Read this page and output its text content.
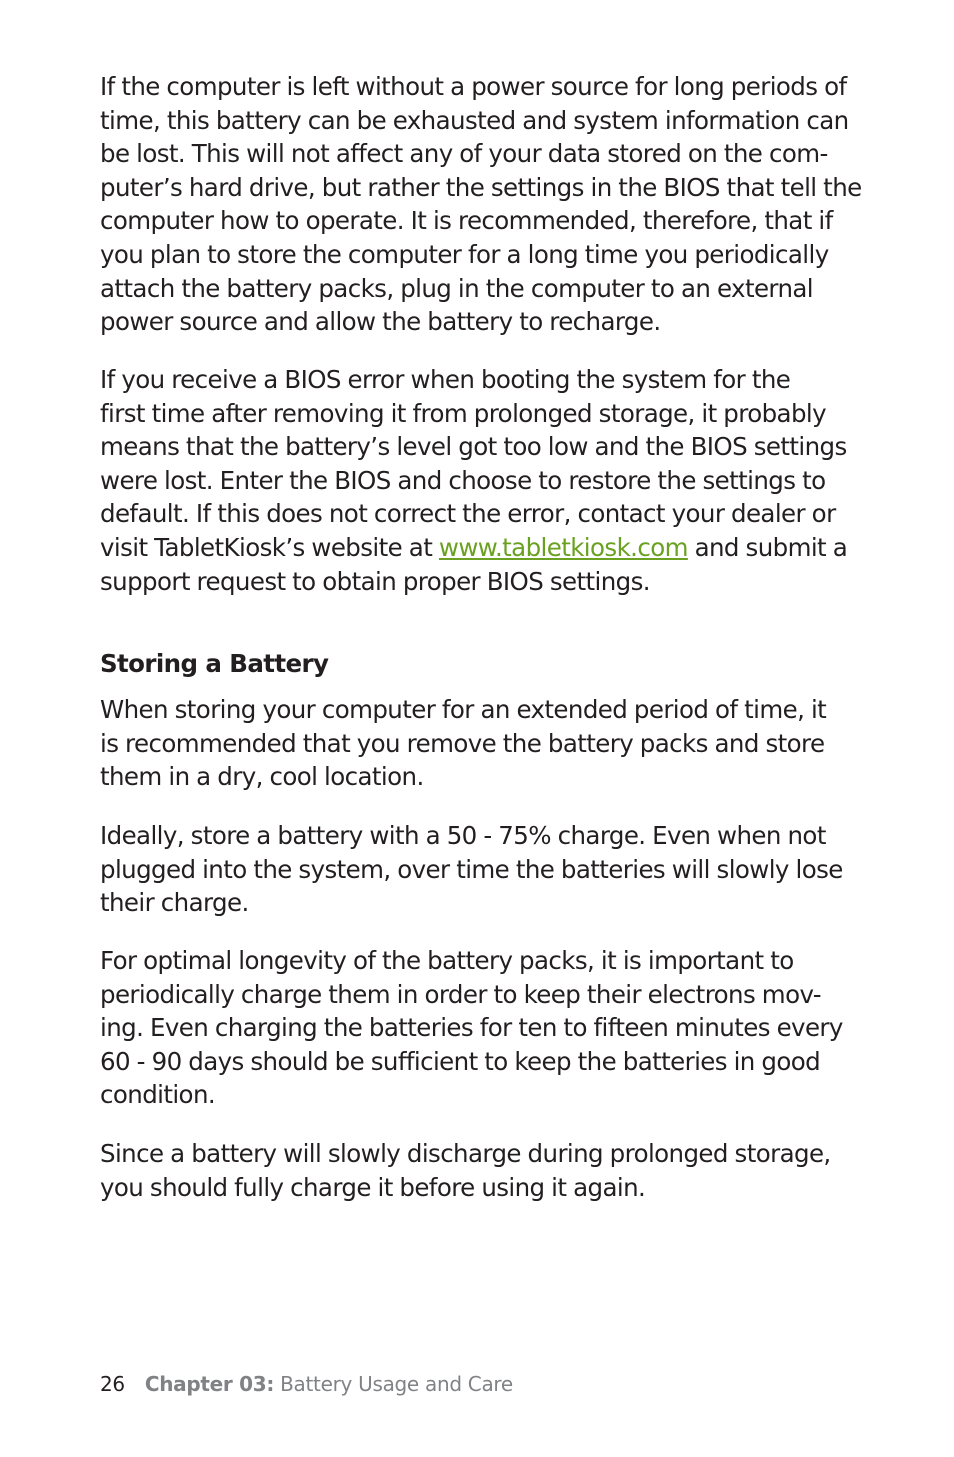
If the computer is left without a power source for long periods of
time, this battery can be exhausted and system information can
be lost. This will not affect any of your data stored on the com-
puter’s hard drive, but rather the settings in the BIOS that tell the
computer how to operate. It is recommended, therefore, that if
you plan to store the computer for a long time you periodically
attach the battery packs, plug in the computer to an external
power source and allow the battery to recharge.

If you receive a BIOS error when booting the system for the
first time after removing it from prolonged storage, it probably
means that the battery’s level got too low and the BIOS settings
were lost. Enter the BIOS and choose to restore the settings to
default. If this does not correct the error, contact your dealer or
visit TabletKiosk’s website at www.tabletkiosk.com and submit a
support request to obtain proper BIOS settings.

Storing a Battery

When storing your computer for an extended period of time, it
is recommended that you remove the battery packs and store
them in a dry, cool location.

Ideally, store a battery with a 50 - 75% charge. Even when not
plugged into the system, over time the batteries will slowly lose
their charge.

For optimal longevity of the battery packs, it is important to
periodically charge them in order to keep their electrons mov-
ing. Even charging the batteries for ten to fifteen minutes every
60 - 90 days should be sufficient to keep the batteries in good
condition.

Since a battery will slowly discharge during prolonged storage,
you should fully charge it before using it again.

26 Chapter 03: Battery Usage and Care
